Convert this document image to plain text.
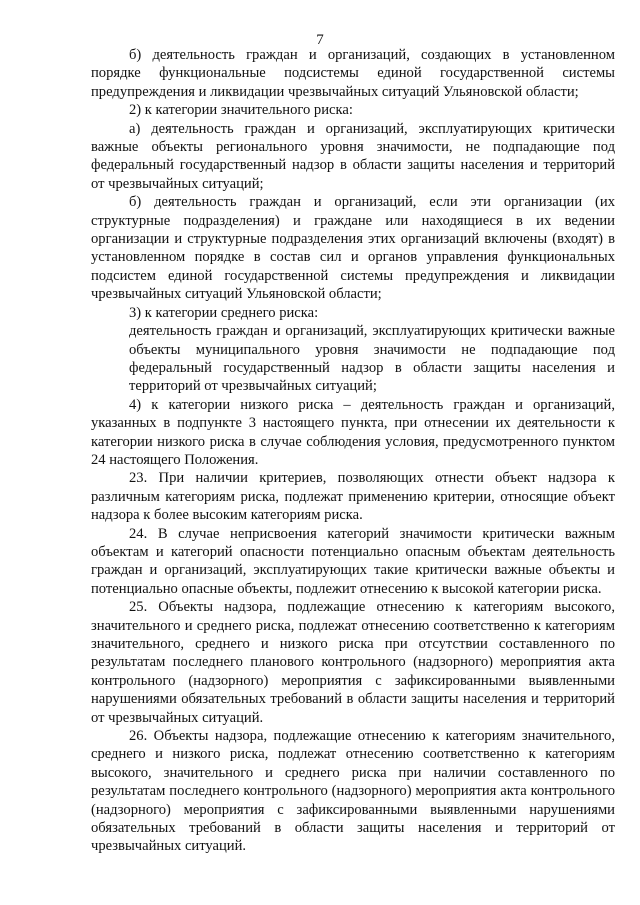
7

б) деятельность граждан и организаций, создающих в установленном порядке функциональные подсистемы единой государственной системы предупреждения и ликвидации чрезвычайных ситуаций Ульяновской области;

2) к категории значительного риска:

а) деятельность граждан и организаций, эксплуатирующих критически важные объекты регионального уровня значимости, не подпадающие под федеральный государственный надзор в области защиты населения и территорий от чрезвычайных ситуаций;

б) деятельность граждан и организаций, если эти организации (их структурные подразделения) и граждане или находящиеся в их ведении организации и структурные подразделения этих организаций включены (входят) в установленном порядке в состав сил и органов управления функциональных подсистем единой государственной системы предупреждения и ликвидации чрезвычайных ситуаций Ульяновской области;

3) к категории среднего риска:

деятельность граждан и организаций, эксплуатирующих критически важные объекты муниципального уровня значимости не подпадающие под федеральный государственный надзор в области защиты населения и территорий от чрезвычайных ситуаций;

4) к категории низкого риска – деятельность граждан и организаций, указанных в подпункте 3 настоящего пункта, при отнесении их деятельности к категории низкого риска в случае соблюдения условия, предусмотренного пунктом 24 настоящего Положения.

23. При наличии критериев, позволяющих отнести объект надзора к различным категориям риска, подлежат применению критерии, относящие объект надзора к более высоким категориям риска.

24. В случае неприсвоения категорий значимости критически важным объектам и категорий опасности потенциально опасным объектам деятельность граждан и организаций, эксплуатирующих такие критически важные объекты и потенциально опасные объекты, подлежит отнесению к высокой категории риска.

25. Объекты надзора, подлежащие отнесению к категориям высокого, значительного и среднего риска, подлежат отнесению соответственно к категориям значительного, среднего и низкого риска при отсутствии составленного по результатам последнего планового контрольного (надзорного) мероприятия акта контрольного (надзорного) мероприятия с зафиксированными выявленными нарушениями обязательных требований в области защиты населения и территорий от чрезвычайных ситуаций.

26. Объекты надзора, подлежащие отнесению к категориям значительного, среднего и низкого риска, подлежат отнесению соответственно к категориям высокого, значительного и среднего риска при наличии составленного по результатам последнего контрольного (надзорного) мероприятия акта контрольного (надзорного) мероприятия с зафиксированными выявленными нарушениями обязательных требований в области защиты населения и территорий от чрезвычайных ситуаций.
